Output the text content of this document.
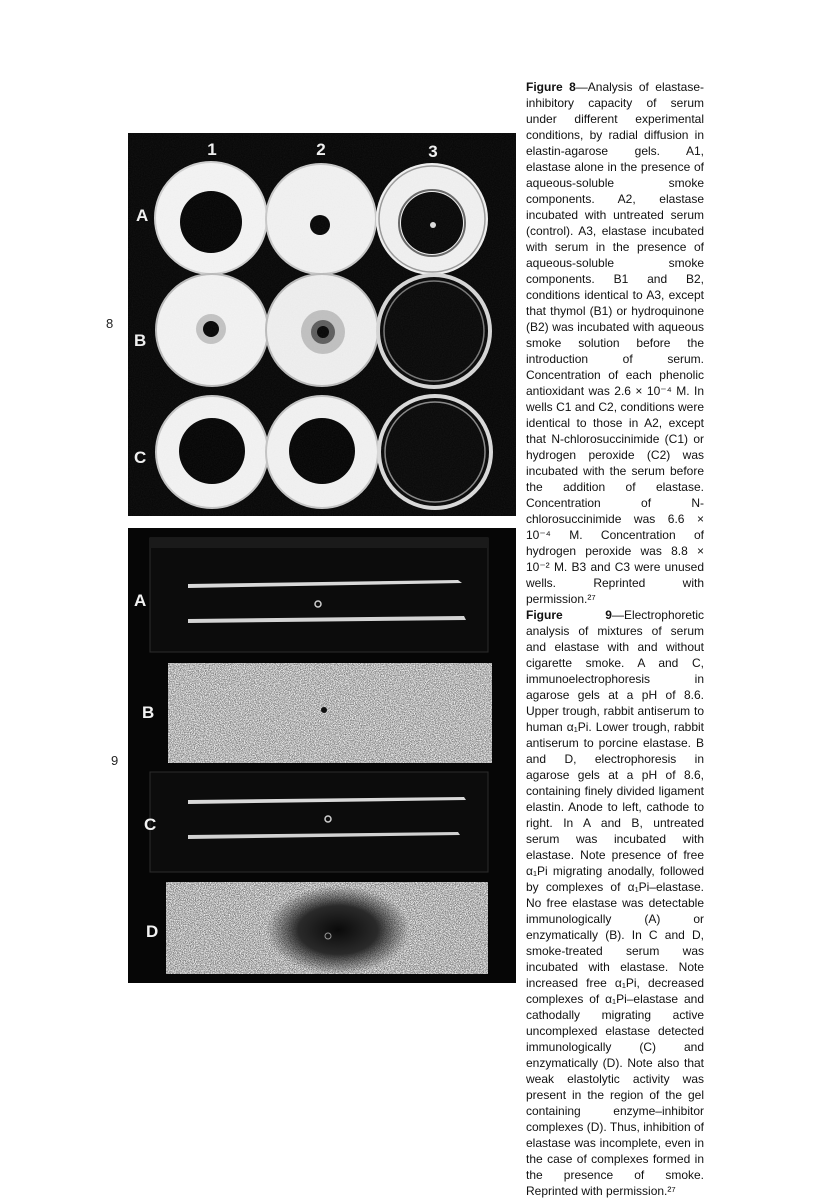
8
9
1	2	3
A
B
C
A
B
C
D

Figure 8—Analysis of elastase-inhibitory capacity of serum under different experimental conditions, by radial diffusion in elastin-agarose gels. A1, elastase alone in the presence of aqueous-soluble smoke components. A2, elastase incubated with untreated serum (control). A3, elastase incubated with serum in the presence of aqueous-soluble smoke components. B1 and B2, conditions identical to A3, except that thymol (B1) or hydroquinone (B2) was incubated with aqueous smoke solution before the introduction of serum. Concentration of each phenolic antioxidant was 2.6 × 10⁻⁴ M. In wells C1 and C2, conditions were identical to those in A2, except that N-chlorosuccinimide (C1) or hydrogen peroxide (C2) was incubated with the serum before the addition of elastase. Concentration of N-chlorosuccinimide was 6.6 × 10⁻⁴ M. Concentration of hydrogen peroxide was 8.8 × 10⁻² M. B3 and C3 were unused wells. Reprinted with permission.²⁷

Figure 9—Electrophoretic analysis of mixtures of serum and elastase with and without cigarette smoke. A and C, immunoelectrophoresis in agarose gels at a pH of 8.6. Upper trough, rabbit antiserum to human α₁Pi. Lower trough, rabbit antiserum to porcine elastase. B and D, electrophoresis in agarose gels at a pH of 8.6, containing finely divided ligament elastin. Anode to left, cathode to right. In A and B, untreated serum was incubated with elastase. Note presence of free α₁Pi migrating anodally, followed by complexes of α₁Pi–elastase. No free elastase was detectable immunologically (A) or enzymatically (B). In C and D, smoke-treated serum was incubated with elastase. Note increased free α₁Pi, decreased complexes of α₁Pi–elastase and cathodally migrating active uncomplexed elastase detected immunologically (C) and enzymatically (D). Note also that weak elastolytic activity was present in the region of the gel containing enzyme–inhibitor complexes (D). Thus, inhibition of elastase was incomplete, even in the case of complexes formed in the presence of smoke. Reprinted with permission.²⁷
